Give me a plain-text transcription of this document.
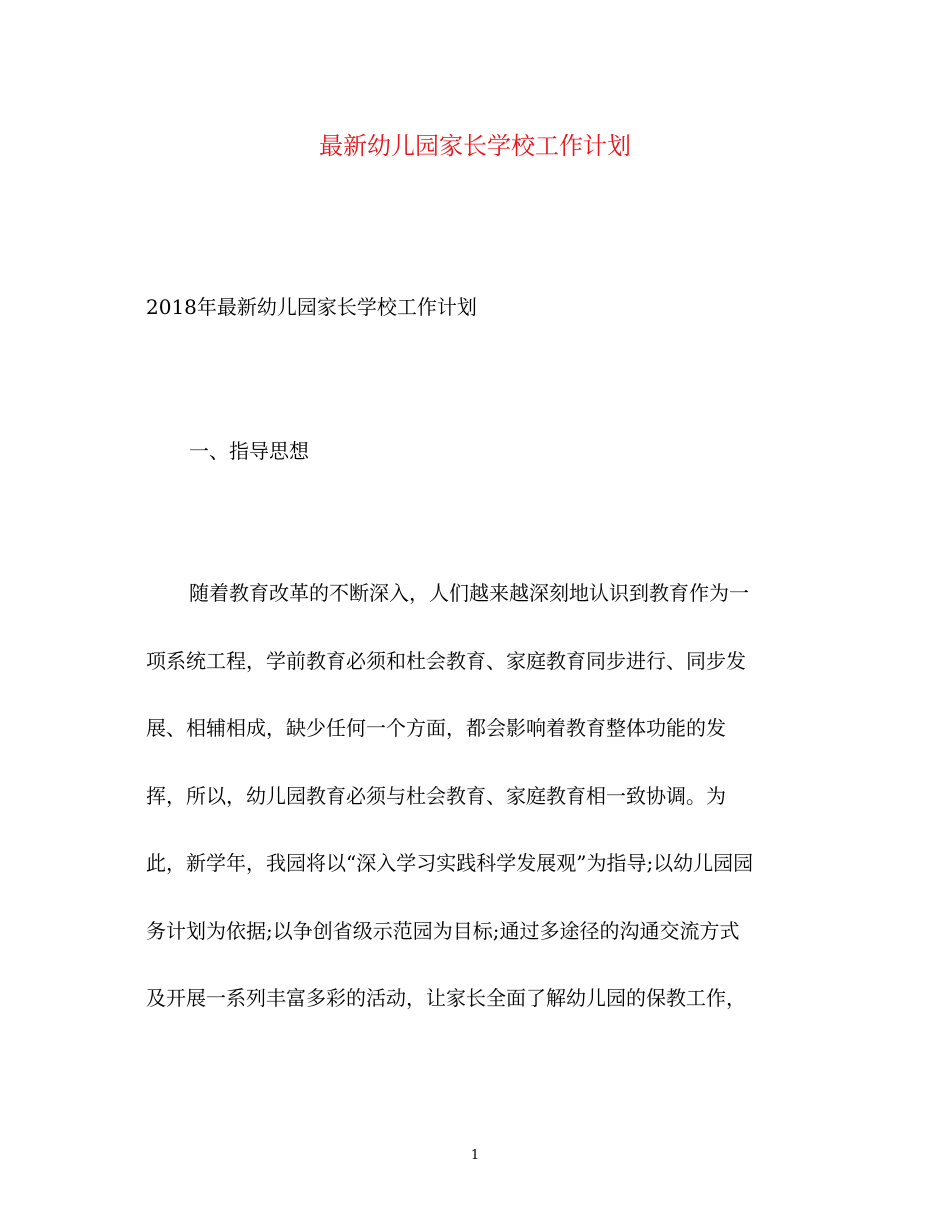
最新幼儿园家长学校工作计划

2018年最新幼儿园家长学校工作计划

一、指导思想
随着教育改革的不断深入，人们越来越深刻地认识到教育作为一
项系统工程，学前教育必须和杜会教育、家庭教育同步进行、同步发
展、相辅相成，缺少任何一个方面，都会影响着教育整体功能的发
挥，所以，幼儿园教育必须与杜会教育、家庭教育相一致协调。为
此，新学年，我园将以“深入学习实践科学发展观”为指导;以幼儿园园
务计划为依据;以争创省级示范园为目标;通过多途径的沟通交流方式
及开展一系列丰富多彩的活动，让家长全面了解幼儿园的保教工作，
1
